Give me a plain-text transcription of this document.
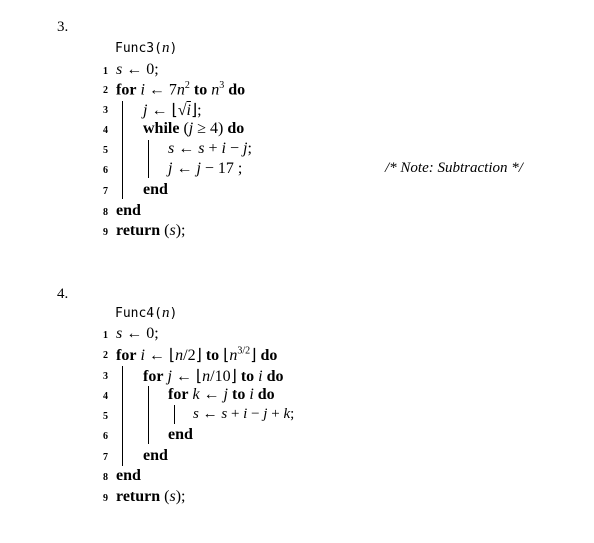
3.
Func3(n)
1 s ← 0;
2 for i ← $7n^2$ to $n^3$ do
3 j ← ⌊√i⌋;
4 while (j ≥ 4) do
5	s ← s + i − j;
6	j ← j − 17 ;	/* Note: Subtraction */
7 end
8 end
9 return (s);
4.
Func4(n)
1 s ← 0;
2 for i ← ⌊n/2⌋ to $⌊n^{3/2}⌋$ do
3 for j ← ⌊n/10⌋ to i do
4	for k ← j to i do
5	s ← s + i − j + k;
6	end
7 end
8 end
9 return (s);
